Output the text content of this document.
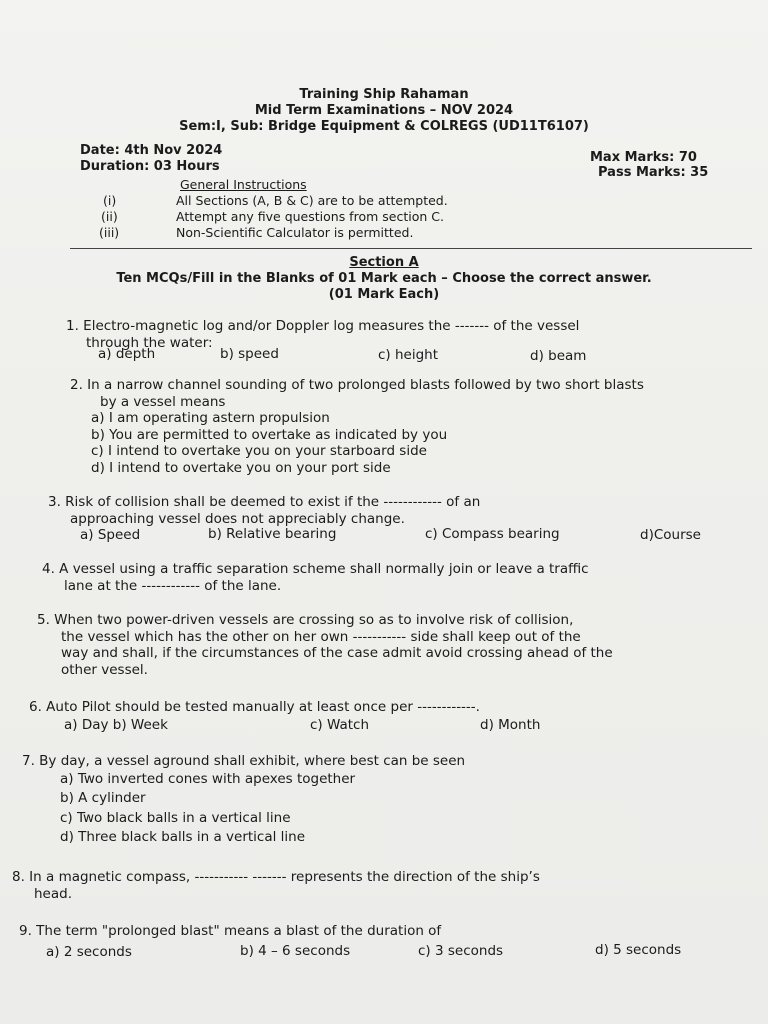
Training Ship Rahaman
Mid Term Examinations – NOV 2024
Sem:I, Sub: Bridge Equipment & COLREGS (UD11T6107)
Date: 4th Nov 2024
Duration: 03 Hours
Max Marks: 70
Pass Marks: 35
General Instructions
(i)	All Sections (A, B & C) are to be attempted.
(ii)	Attempt any five questions from section C.
(iii)	Non-Scientific Calculator is permitted.
Section A
Ten MCQs/Fill in the Blanks of 01 Mark each – Choose the correct answer.
(01 Mark Each)
1. Electro-magnetic log and/or Doppler log measures the ------- of the vessel
through the water:
a) depth	b) speed	c) height	d) beam
2. In a narrow channel sounding of two prolonged blasts followed by two short blasts
by a vessel means
a) I am operating astern propulsion
b) You are permitted to overtake as indicated by you
c) I intend to overtake you on your starboard side
d) I intend to overtake you on your port side
3. Risk of collision shall be deemed to exist if the ------------ of an
approaching vessel does not appreciably change.
a) Speed	b) Relative bearing	c) Compass bearing	d)Course
4. A vessel using a traffic separation scheme shall normally join or leave a traffic
lane at the ------------ of the lane.
5. When two power-driven vessels are crossing so as to involve risk of collision,
the vessel which has the other on her own ----------- side shall keep out of the
way and shall, if the circumstances of the case admit avoid crossing ahead of the
other vessel.
6. Auto Pilot should be tested manually at least once per ------------.
a) Day b) Week	c) Watch	d) Month
7. By day, a vessel aground shall exhibit, where best can be seen
a) Two inverted cones with apexes together
b) A cylinder
c) Two black balls in a vertical line
d) Three black balls in a vertical line
8. In a magnetic compass, ----------- ------- represents the direction of the ship’s
head.
9. The term "prolonged blast" means a blast of the duration of
a) 2 seconds	b) 4 – 6 seconds	c) 3 seconds	d) 5 seconds
